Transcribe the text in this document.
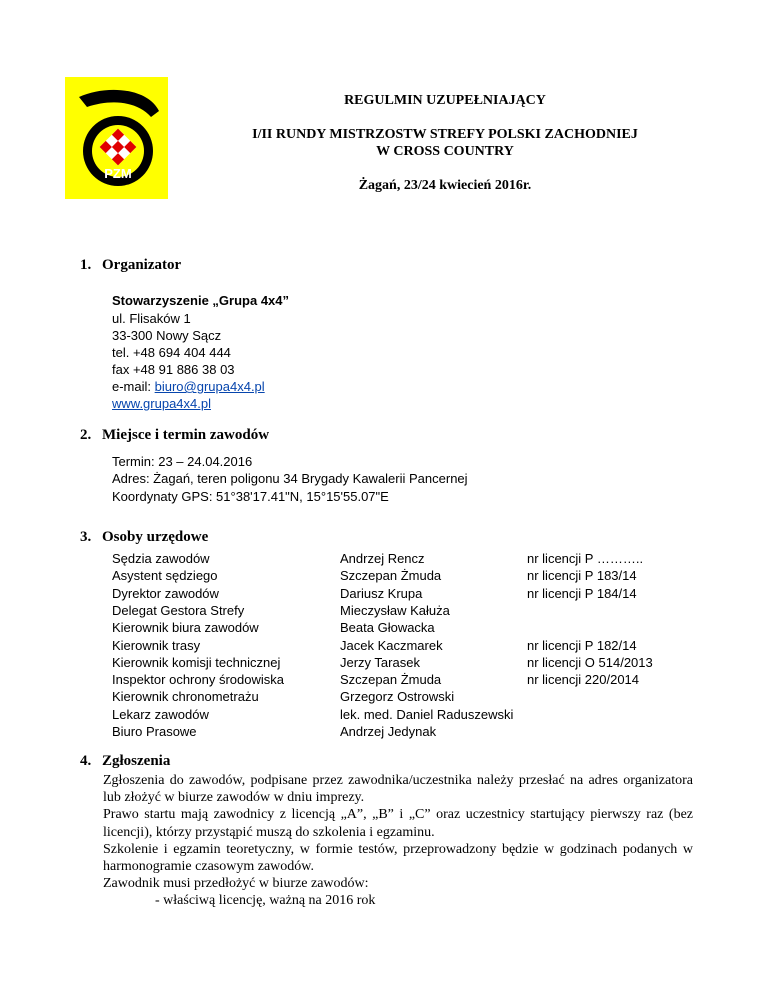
PZM
REGULMIN UZUPEŁNIAJĄCY
I/II RUNDY MISTRZOSTW STREFY POLSKI ZACHODNIEJ
W CROSS COUNTRY
Żagań, 23/24 kwiecień 2016r.
1. Organizator
Stowarzyszenie „Grupa 4x4”
ul. Flisaków 1
33-300 Nowy Sącz
tel. +48 694 404 444
fax +48 91 886 38 03
e-mail: biuro@grupa4x4.pl
www.grupa4x4.pl
2. Miejsce i termin zawodów
Termin: 23 – 24.04.2016
Adres: Żagań, teren poligonu 34 Brygady Kawalerii Pancernej
Koordynaty GPS: 51°38'17.41"N, 15°15'55.07"E
3. Osoby urzędowe
Sędzia zawodów	Andrzej Rencz	nr licencji P ………..
Asystent sędziego	Szczepan Żmuda	nr licencji P 183/14
Dyrektor zawodów	Dariusz Krupa	nr licencji P 184/14
Delegat Gestora Strefy	Mieczysław Kałuża
Kierownik biura zawodów	Beata Głowacka
Kierownik trasy	Jacek Kaczmarek	nr licencji P 182/14
Kierownik komisji technicznej	Jerzy Tarasek	nr licencji O 514/2013
Inspektor ochrony środowiska	Szczepan Żmuda	nr licencji 220/2014
Kierownik chronometrażu	Grzegorz Ostrowski
Lekarz zawodów	lek. med. Daniel Raduszewski
Biuro Prasowe	Andrzej Jedynak
4. Zgłoszenia

Zgłoszenia do zawodów, podpisane przez zawodnika/uczestnika należy przesłać na adres organizatora lub złożyć w biurze zawodów w dniu imprezy.

Prawo startu mają zawodnicy z licencją „A”, „B” i „C” oraz uczestnicy startujący pierwszy raz (bez licencji), którzy przystąpić muszą do szkolenia i egzaminu.

Szkolenie i egzamin teoretyczny, w formie testów, przeprowadzony będzie w godzinach podanych w harmonogramie czasowym zawodów.

Zawodnik musi przedłożyć w biurze zawodów:

- właściwą licencję, ważną na 2016 rok
